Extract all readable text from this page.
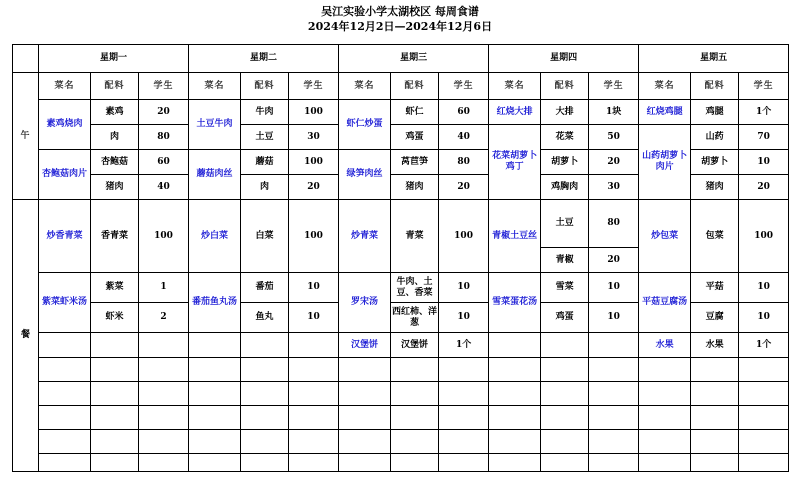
吴江实验小学太湖校区 每周食谱
2024年12月2日—2024年12月6日
	星期一			星期二			星期三			星期四			星期五		
午	菜名	配料	学生	菜名	配料	学生	菜名	配料	学生	菜名	配料	学生	菜名	配料	学生
	素鸡烧肉	素鸡	20	土豆牛肉	牛肉	100	虾仁炒蛋	虾仁	60	红烧大排	大排	1块	红烧鸡腿	鸡腿	1个
		肉	80		土豆	30		鸡蛋	40	花菜胡萝卜鸡丁	花菜	50	山药胡萝卜肉片	山药	70
	杏鲍菇肉片	杏鲍菇	60	蘑菇肉丝	蘑菇	100	绿笋肉丝	莴苣笋	80		胡萝卜	20		胡萝卜	10
		猪肉	40		肉	20		猪肉	20		鸡胸肉	30		猪肉	20
餐	炒香青菜	香青菜	100	炒白菜	白菜	100	炒青菜	青菜	100	青椒土豆丝	土豆	80	炒包菜	包菜	100
											青椒	20			
	紫菜虾米汤	紫菜	1	番茄鱼丸汤	番茄	10	罗宋汤	牛肉、土豆、香菜	10	雪菜蛋花汤	雪菜	10	平菇豆腐汤	平菇	10
		虾米	2		鱼丸	10		西红柿、洋葱	10		鸡蛋	10		豆腐	10
							汉堡饼	汉堡饼	1个				水果	水果	1个
